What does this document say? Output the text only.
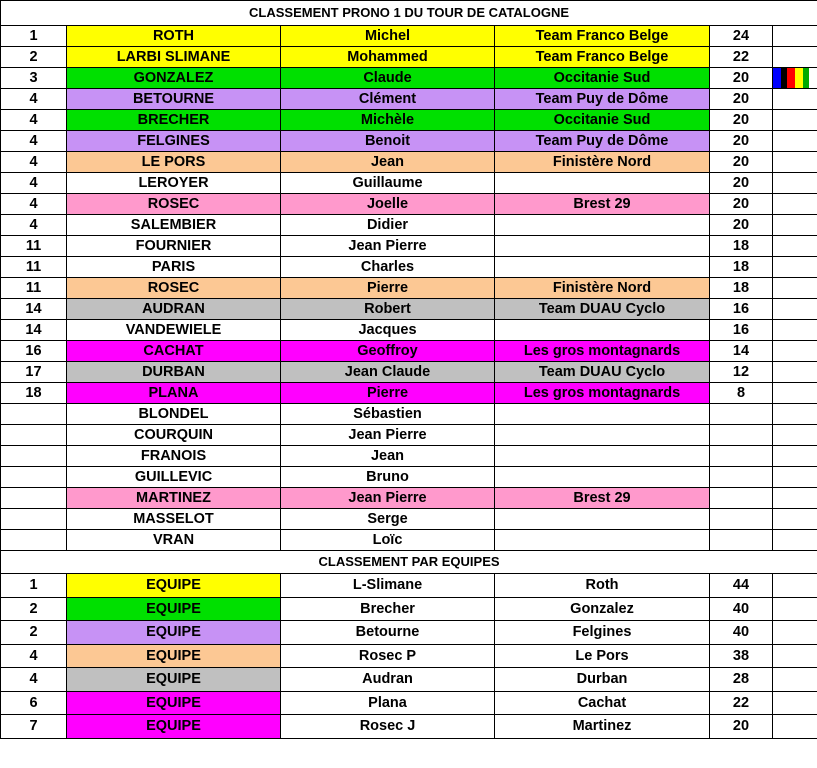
CLASSEMENT PRONO 1 DU TOUR DE CATALOGNE					
1	ROTH	Michel	Team Franco Belge	24	
2	LARBI SLIMANE	Mohammed	Team Franco Belge	22	
3	GONZALEZ	Claude	Occitanie Sud	20	
4	BETOURNE	Clément	Team Puy de Dôme	20	
4	BRECHER	Michèle	Occitanie Sud	20	
4	FELGINES	Benoit	Team Puy de Dôme	20	
4	LE PORS	Jean	Finistère Nord	20	
4	LEROYER	Guillaume		20	
4	ROSEC	Joelle	Brest 29	20	
4	SALEMBIER	Didier		20	
11	FOURNIER	Jean Pierre		18	
11	PARIS	Charles		18	
11	ROSEC	Pierre	Finistère Nord	18	
14	AUDRAN	Robert	Team DUAU Cyclo	16	
14	VANDEWIELE	Jacques		16	
16	CACHAT	Geoffroy	Les gros montagnards	14	
17	DURBAN	Jean Claude	Team DUAU Cyclo	12	
18	PLANA	Pierre	Les gros montagnards	8	
	BLONDEL	Sébastien			
	COURQUIN	Jean Pierre			
	FRANOIS	Jean			
	GUILLEVIC	Bruno			
	MARTINEZ	Jean Pierre	Brest 29		
	MASSELOT	Serge			
	VRAN	Loïc			
CLASSEMENT PAR EQUIPES					
1	EQUIPE	L-Slimane	Roth	44	
2	EQUIPE	Brecher	Gonzalez	40	
2	EQUIPE	Betourne	Felgines	40	
4	EQUIPE	Rosec P	Le Pors	38	
4	EQUIPE	Audran	Durban	28	
6	EQUIPE	Plana	Cachat	22	
7	EQUIPE	Rosec J	Martinez	20	
